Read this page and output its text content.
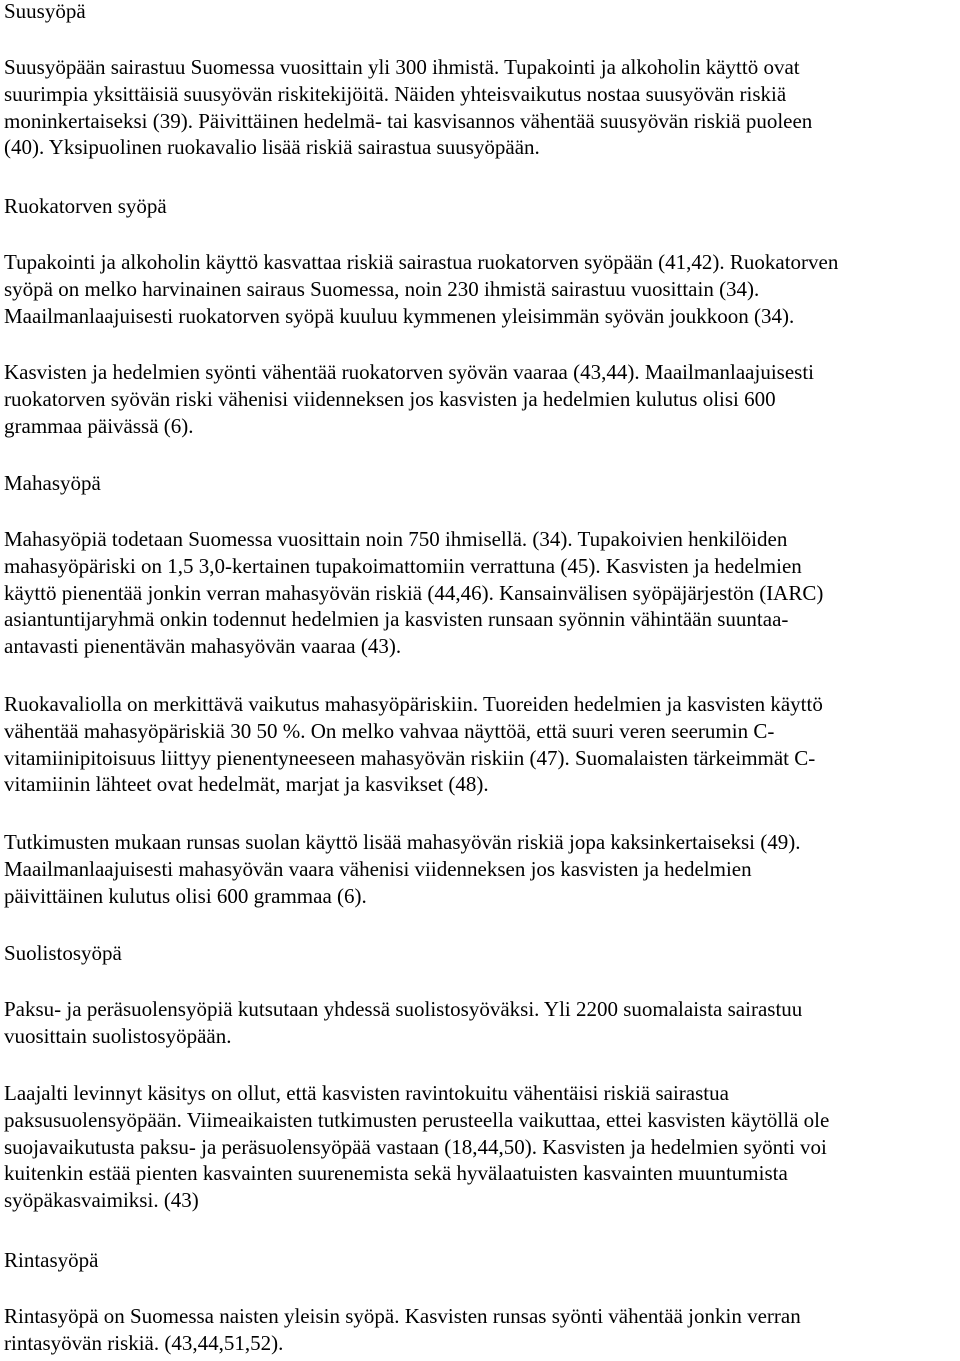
Suusyöpä

Suusyöpään sairastuu Suomessa vuosittain yli 300 ihmistä. Tupakointi ja alkoholin käyttö ovat
suurimpia yksittäisiä suusyövän riskitekijöitä. Näiden yhteisvaikutus nostaa suusyövän riskiä
moninkertaiseksi (39). Päivittäinen hedelmä- tai kasvisannos vähentää suusyövän riskiä puoleen
(40). Yksipuolinen ruokavalio lisää riskiä sairastua suusyöpään.

Ruokatorven syöpä

Tupakointi ja alkoholin käyttö kasvattaa riskiä sairastua ruokatorven syöpään (41,42). Ruokatorven
syöpä on melko harvinainen sairaus Suomessa, noin 230 ihmistä sairastuu vuosittain (34).
Maailmanlaajuisesti ruokatorven syöpä kuuluu kymmenen yleisimmän syövän joukkoon (34).

Kasvisten ja hedelmien syönti vähentää ruokatorven syövän vaaraa (43,44). Maailmanlaajuisesti
ruokatorven syövän riski vähenisi viidenneksen jos kasvisten ja hedelmien kulutus olisi 600
grammaa päivässä (6).

Mahasyöpä

Mahasyöpiä todetaan Suomessa vuosittain noin 750 ihmisellä. (34). Tupakoivien henkilöiden
mahasyöpäriski on 1,5 3,0-kertainen tupakoimattomiin verrattuna (45). Kasvisten ja hedelmien
käyttö pienentää jonkin verran mahasyövän riskiä (44,46). Kansainvälisen syöpäjärjestön (IARC)
asiantuntijaryhmä onkin todennut hedelmien ja kasvisten runsaan syönnin vähintään suuntaa-
antavasti pienentävän mahasyövän vaaraa (43).

Ruokavaliolla on merkittävä vaikutus mahasyöpäriskiin. Tuoreiden hedelmien ja kasvisten käyttö
vähentää mahasyöpäriskiä 30 50 %. On melko vahvaa näyttöä, että suuri veren seerumin C-
vitamiinipitoisuus liittyy pienentyneeseen mahasyövän riskiin (47). Suomalaisten tärkeimmät C-
vitamiinin lähteet ovat hedelmät, marjat ja kasvikset (48).

Tutkimusten mukaan runsas suolan käyttö lisää mahasyövän riskiä jopa kaksinkertaiseksi (49).
Maailmanlaajuisesti mahasyövän vaara vähenisi viidenneksen jos kasvisten ja hedelmien
päivittäinen kulutus olisi 600 grammaa (6).

Suolistosyöpä

Paksu- ja peräsuolensyöpiä kutsutaan yhdessä suolistosyöväksi. Yli 2200 suomalaista sairastuu
vuosittain suolistosyöpään.

Laajalti levinnyt käsitys on ollut, että kasvisten ravintokuitu vähentäisi riskiä sairastua
paksusuolensyöpään. Viimeaikaisten tutkimusten perusteella vaikuttaa, ettei kasvisten käytöllä ole
suojavaikutusta paksu- ja peräsuolensyöpää vastaan (18,44,50). Kasvisten ja hedelmien syönti voi
kuitenkin estää pienten kasvainten suurenemista sekä hyvälaatuisten kasvainten muuntumista
syöpäkasvaimiksi. (43)

Rintasyöpä

Rintasyöpä on Suomessa naisten yleisin syöpä. Kasvisten runsas syönti vähentää jonkin verran
rintasyövän riskiä. (43,44,51,52).
